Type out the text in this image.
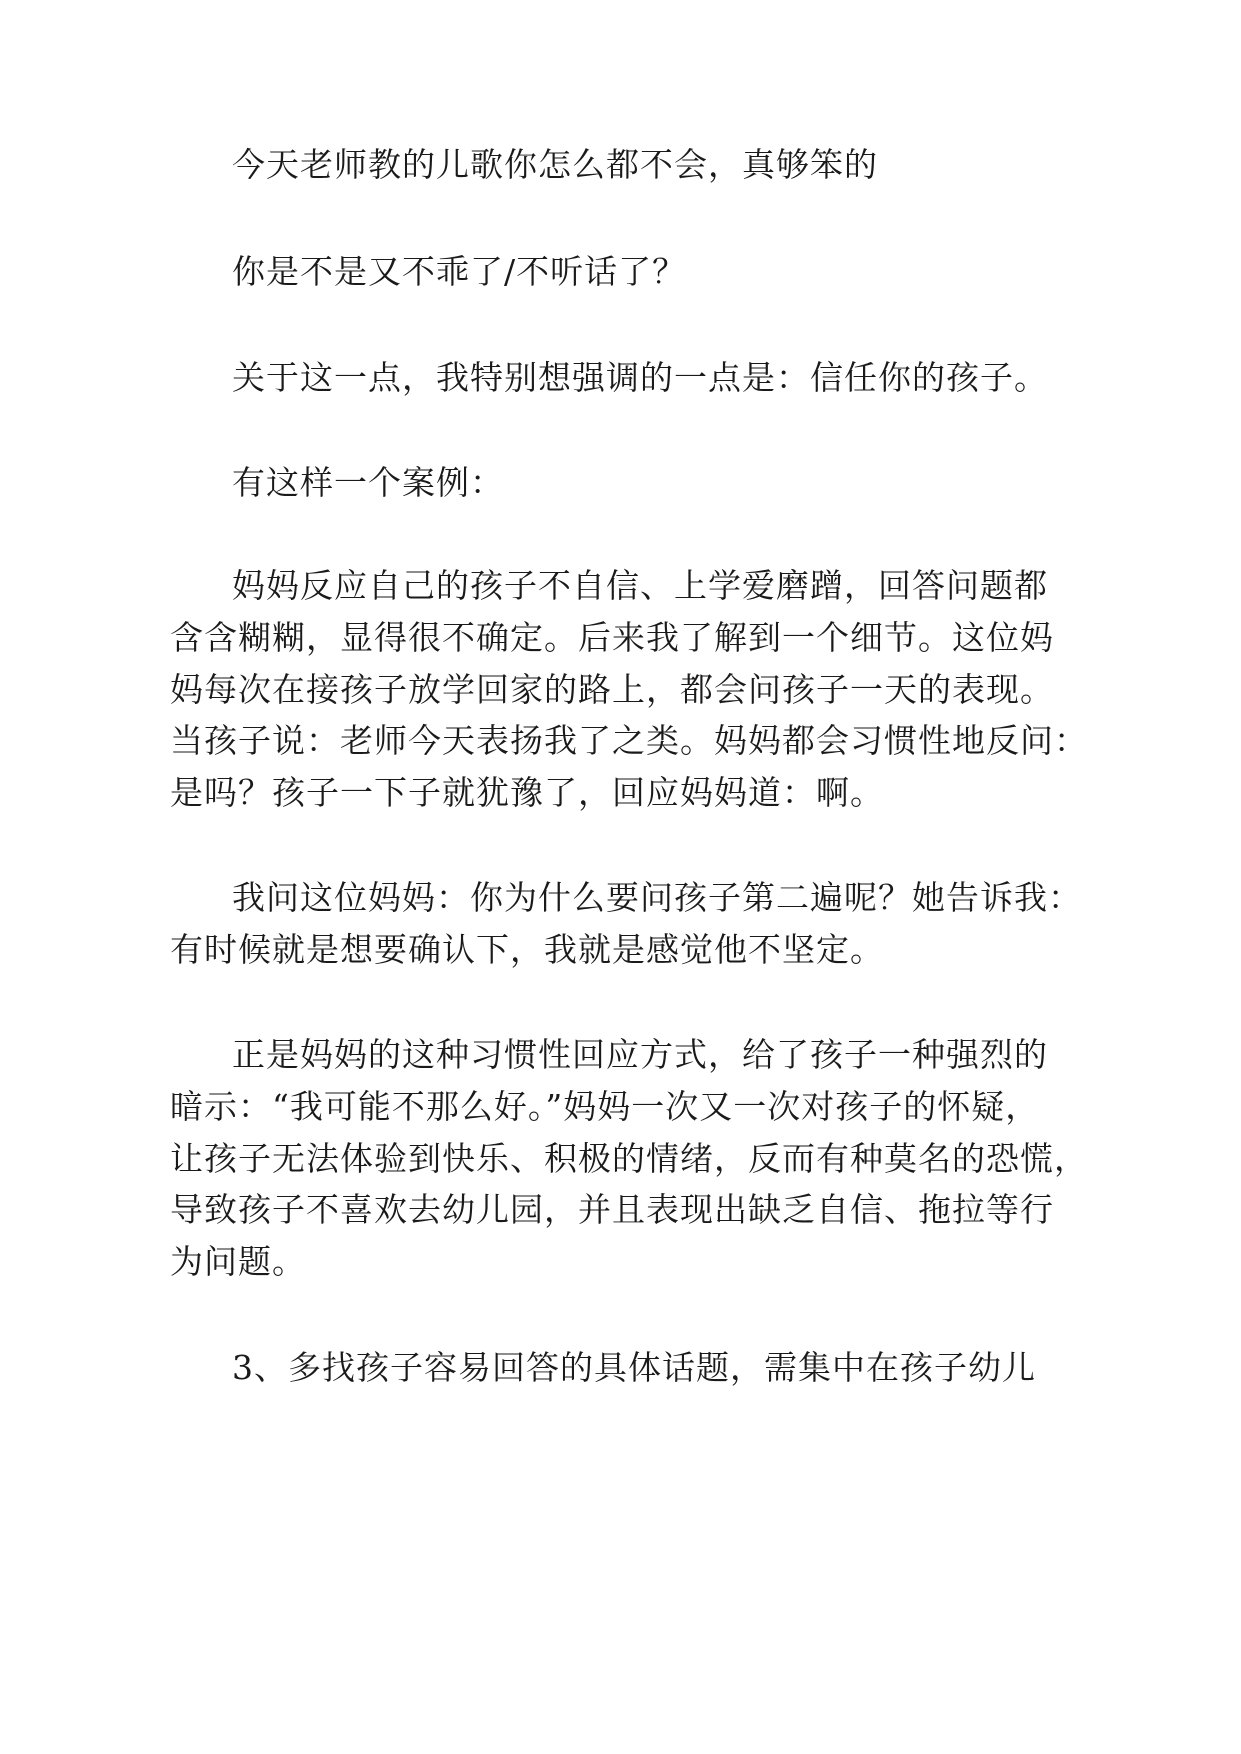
今天老师教的儿歌你怎么都不会，真够笨的
你是不是又不乖了/不听话了？
关于这一点，我特别想强调的一点是：信任你的孩子。
有这样一个案例：
妈妈反应自己的孩子不自信、上学爱磨蹭，回答问题都
含含糊糊，显得很不确定。后来我了解到一个细节。这位妈
妈每次在接孩子放学回家的路上，都会问孩子一天的表现。
当孩子说：老师今天表扬我了之类。妈妈都会习惯性地反问：
是吗？孩子一下子就犹豫了，回应妈妈道：啊。
我问这位妈妈：你为什么要问孩子第二遍呢？她告诉我：
有时候就是想要确认下，我就是感觉他不坚定。
正是妈妈的这种习惯性回应方式，给了孩子一种强烈的
暗示：“我可能不那么好。”妈妈一次又一次对孩子的怀疑，
让孩子无法体验到快乐、积极的情绪，反而有种莫名的恐慌，
导致孩子不喜欢去幼儿园，并且表现出缺乏自信、拖拉等行
为问题。
3、多找孩子容易回答的具体话题，需集中在孩子幼儿
